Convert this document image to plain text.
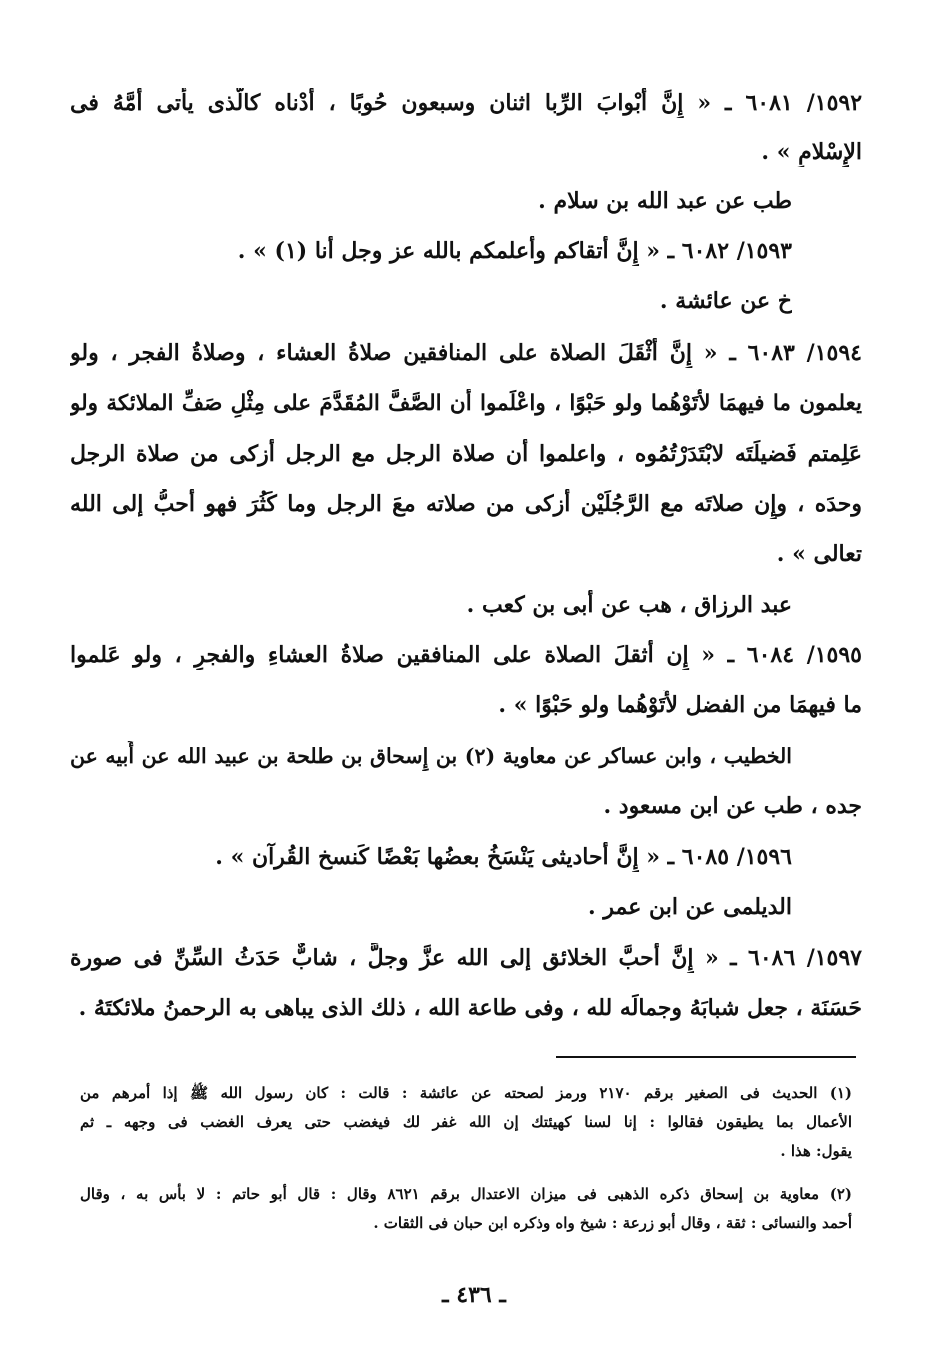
١٥٩٢/ ٦٠٨١ ـ « إِنَّ أَبْوابَ الرِّبا اثنان وسبعون حُوبًا ، أَدْناه كالَّذى يأتى أُمَّهُ فى
الإِسْلامِ » .
طب عن عبد الله بن سلام .
١٥٩٣/ ٦٠٨٢ ـ « إِنَّ أَتقاكم وأَعلمكم بالله عز وجل أنا (١) » .
خ عن عائشة .
١٥٩٤/ ٦٠٨٣ ـ « إِنَّ أَثْقَلَ الصلاة على المنافقين صلاةُ العشاء ، وصلاةُ الفجر ، ولو
يعلمون ما فيهمَا لأَتَوْهُما ولو حَبْوًا ، واعْلَموا أن الصَّفَّ المُقَدَّمَ على مِثْلِ صَفِّ الملائكة ولو
عَلِمتم فَضيلَتَه لابْتَدَرْتُمُوه ، واعلموا أن صلاة الرجل مع الرجل أزكى من صلاة الرجل
وحدَه ، وإِن صلاتَه مع الرَّجُلَيْن أزكى من صلاته معَ الرجل وما كَثُرَ فهو أحبُّ إلى الله
تعالى » .
عبد الرزاق ، هب عن أُبى بن كعب .
١٥٩٥/ ٦٠٨٤ ـ « إِن أَثقلَ الصلاة على المنافقين صلاةُ العشاءِ والفجرِ ، ولو عَلموا
ما فيهمَا من الفضل لأَتَوْهُما ولو حَبْوًا » .
الخطيب ، وابن عساكر عن معاوية (٢) بن إِسحاق بن طلحة بن عبيد الله عن أَبيه عن
جده ، طب عن ابن مسعود .
١٥٩٦/ ٦٠٨٥ ـ « إِنَّ أَحاديثى يَنْسَخُ بعضُها بَعْضًا كَنسخ القُرآن » .
الديلمى عن ابن عمر .
١٥٩٧/ ٦٠٨٦ ـ « إِنَّ أَحبَّ الخلائق إلى الله عزَّ وجلَّ ، شابٌّ حَدَثُ السِّنِّ فى صورة
حَسَنَة ، جعل شبابَهُ وجمالَه لله ، وفى طاعة الله ، ذلك الذى يباهى به الرحمنُ ملائكتَهُ .
(١) الحديث فى الصغير برقم ٢١٧٠ ورمز لصحته عن عائشة : قالت : كان رسول الله ﷺ إذا أمرهم من
الأعمال بما يطيقون فقالوا : إنا لسنا كهيئتك إن الله غفر لك فيغضب حتى يعرف الغضب فى وجهه ـ ثم
يقول: هذا .
(٢) معاوية بن إسحاق ذكره الذهبى فى ميزان الاعتدال برقم ٨٦٢١ وقال : قال أبو حاتم : لا بأس به ، وقال
أحمد والنسائى : ثقة ، وقال أبو زرعة : شيخ واه وذكره ابن حبان فى الثقات .
ـ ٤٣٦ ـ
